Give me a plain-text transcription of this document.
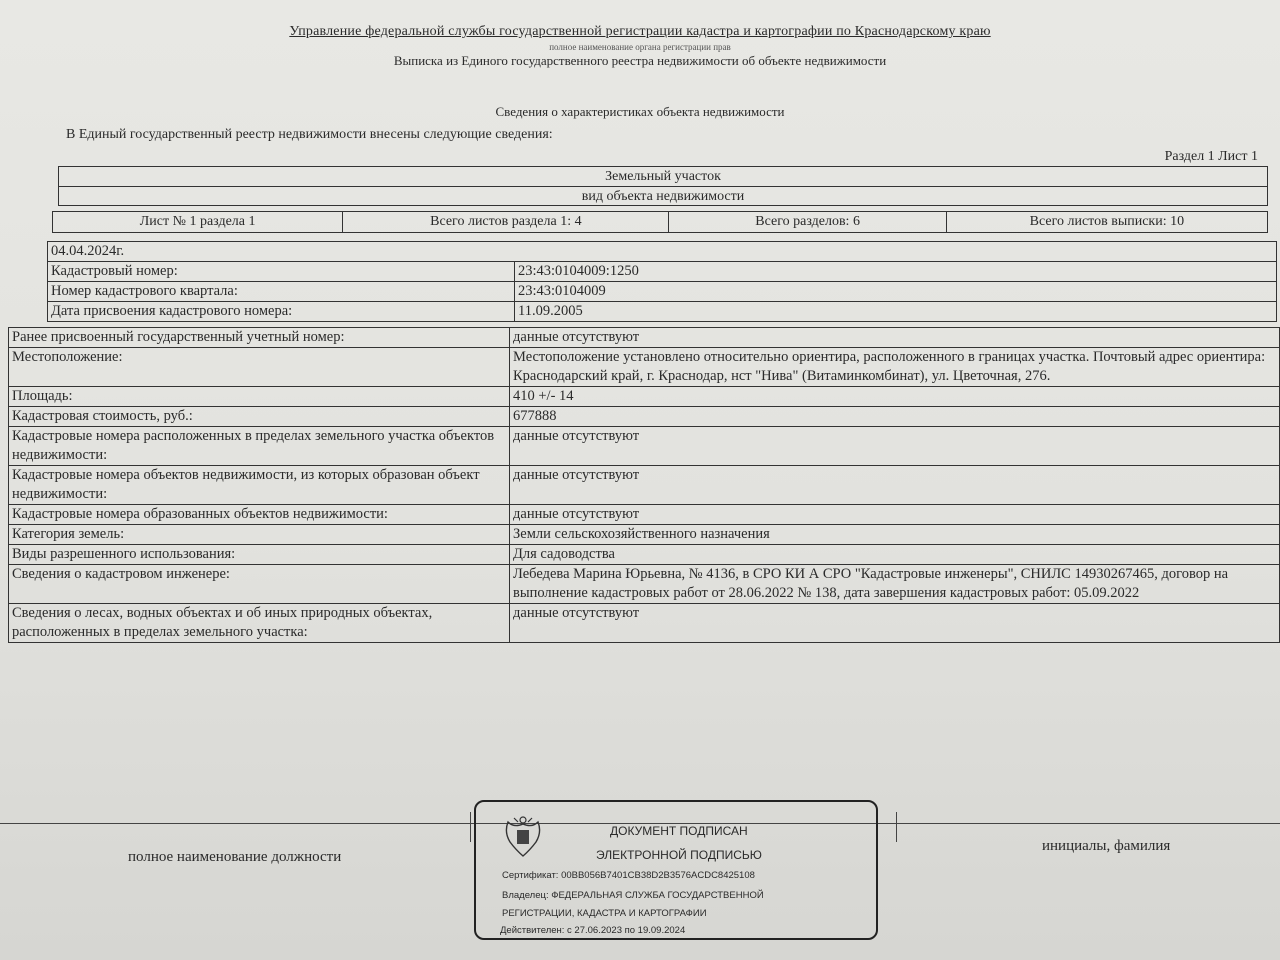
Управление федеральной службы государственной регистрации кадастра и картографии по Краснодарскому краю
полное наименование органа регистрации прав
Выписка из Единого государственного реестра недвижимости об объекте недвижимости
Сведения о характеристиках объекта недвижимости
В Единый государственный реестр недвижимости внесены следующие сведения:
Раздел 1 Лист 1
Земельный участок
вид объекта недвижимости
Лист № 1 раздела 1	Всего листов раздела 1: 4	Всего разделов: 6	Всего листов выписки: 10
04.04.2024г.	
Кадастровый номер:	23:43:0104009:1250
Номер кадастрового квартала:	23:43:0104009
Дата присвоения кадастрового номера:	11.09.2005
Ранее присвоенный государственный учетный номер:	данные отсутствуют
Местоположение:	Местоположение установлено относительно ориентира, расположенного в границах участка. Почтовый адрес ориентира: Краснодарский край, г. Краснодар, нст "Нива" (Витаминкомбинат), ул. Цветочная, 276.
Площадь:	410 +/- 14
Кадастровая стоимость, руб.:	677888
Кадастровые номера расположенных в пределах земельного участка объектов недвижимости:	данные отсутствуют
Кадастровые номера объектов недвижимости, из которых образован объект недвижимости:	данные отсутствуют
Кадастровые номера образованных объектов недвижимости:	данные отсутствуют
Категория земель:	Земли сельскохозяйственного назначения
Виды разрешенного использования:	Для садоводства
Сведения о кадастровом инженере:	Лебедева Марина Юрьевна, № 4136, в СРО КИ А СРО "Кадастровые инженеры", СНИЛС 14930267465, договор на выполнение кадастровых работ от 28.06.2022 № 138, дата завершения кадастровых работ: 05.09.2022
Сведения о лесах, водных объектах и об иных природных объектах, расположенных в пределах земельного участка:	данные отсутствуют
полное наименование должности
инициалы, фамилия
ДОКУМЕНТ ПОДПИСАН
ЭЛЕКТРОННОЙ ПОДПИСЬЮ
Сертификат: 00BB056B7401CB38D2B3576ACDC8425108
Владелец: ФЕДЕРАЛЬНАЯ СЛУЖБА ГОСУДАРСТВЕННОЙ
РЕГИСТРАЦИИ, КАДАСТРА И КАРТОГРАФИИ
Действителен: с 27.06.2023 по 19.09.2024
